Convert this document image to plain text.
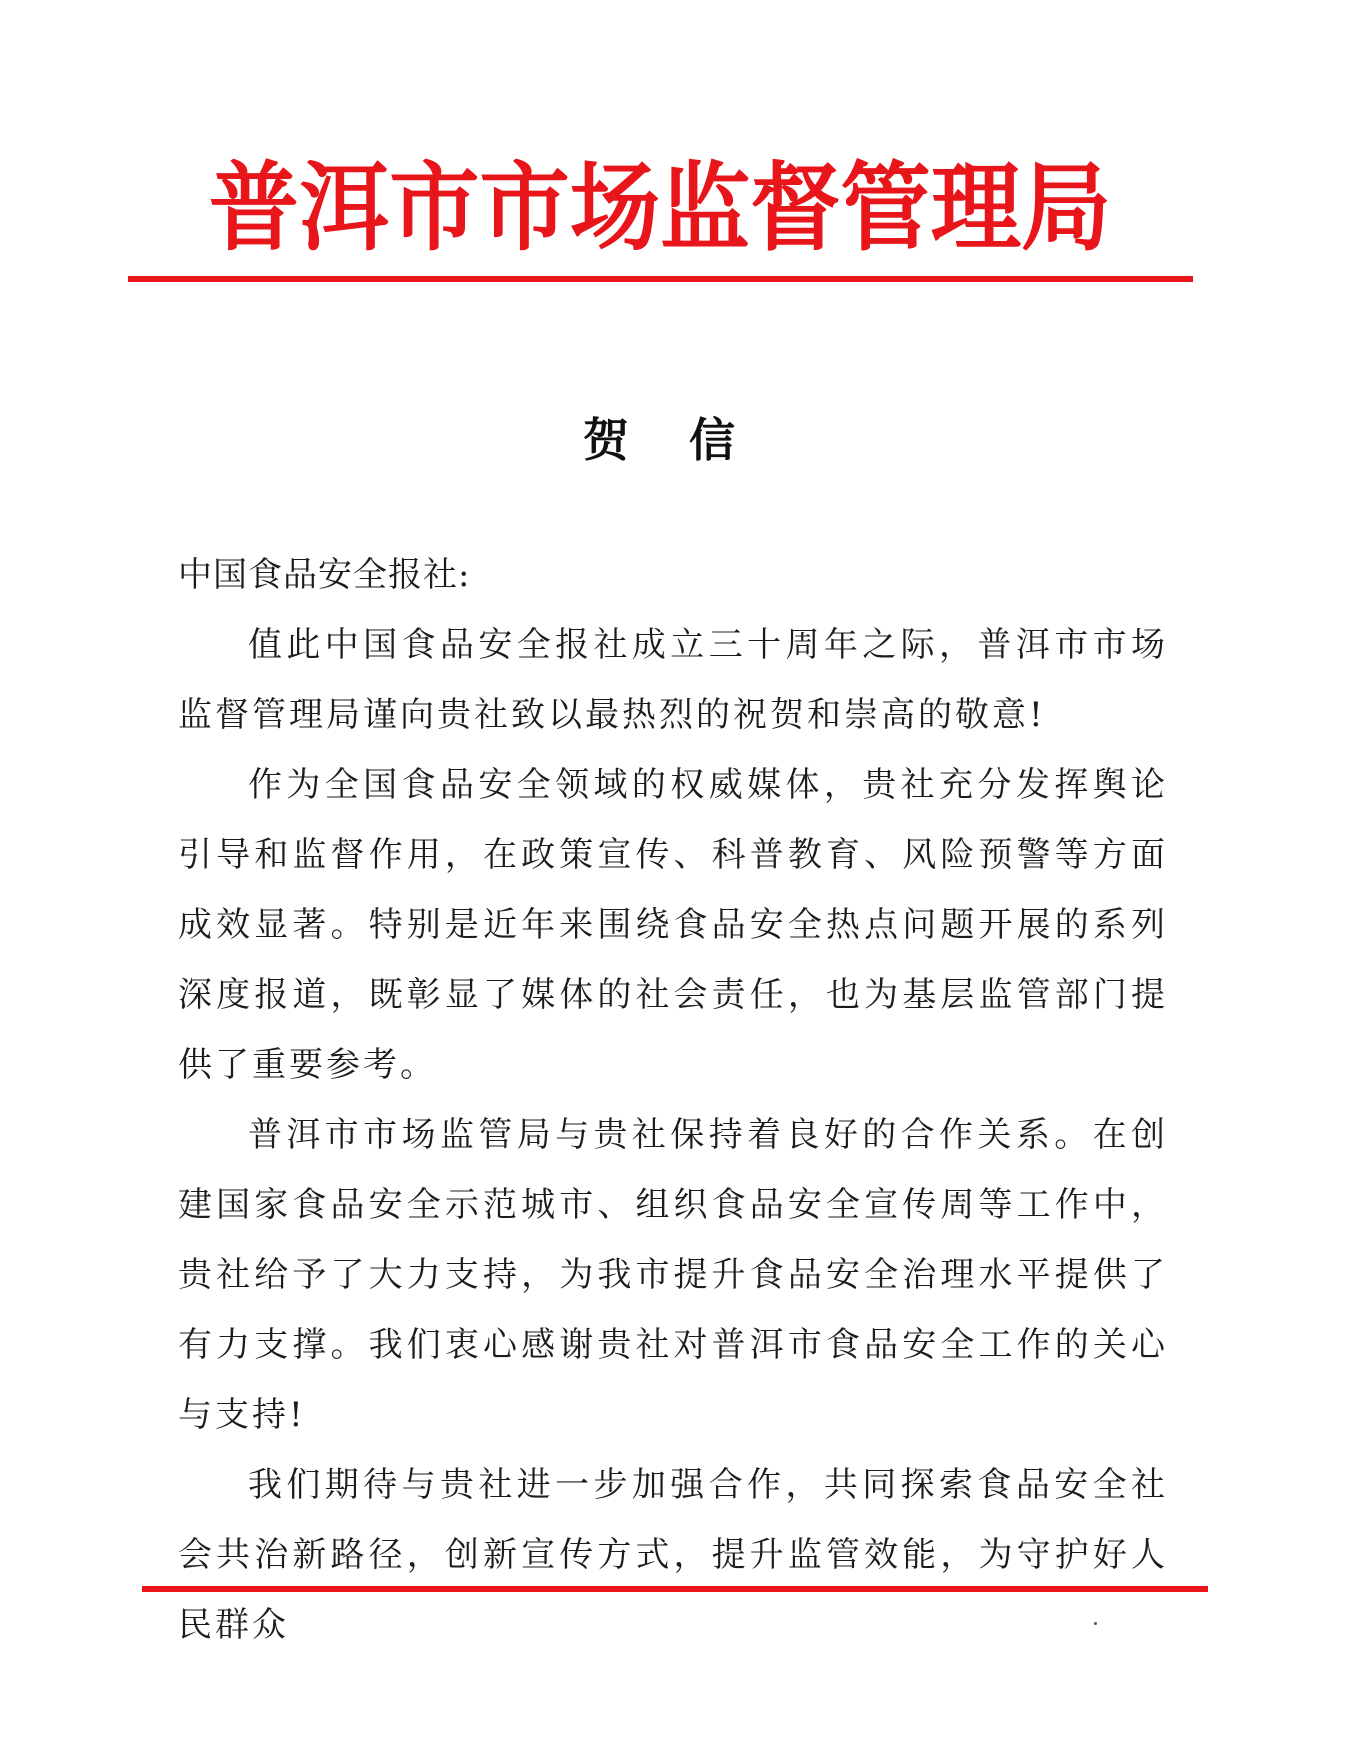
普洱市市场监督管理局
贺 信

中国食品安全报社:

值此中国食品安全报社成立三十周年之际，普洱市市场监督管理局谨向贵社致以最热烈的祝贺和崇高的敬意!

作为全国食品安全领域的权威媒体，贵社充分发挥舆论引导和监督作用，在政策宣传、科普教育、风险预警等方面成效显著。特别是近年来围绕食品安全热点问题开展的系列深度报道，既彰显了媒体的社会责任，也为基层监管部门提供了重要参考。

普洱市市场监管局与贵社保持着良好的合作关系。在创建国家食品安全示范城市、组织食品安全宣传周等工作中，贵社给予了大力支持，为我市提升食品安全治理水平提供了有力支撑。我们衷心感谢贵社对普洱市食品安全工作的关心与支持!

我们期待与贵社进一步加强合作，共同探索食品安全社会共治新路径，创新宣传方式，提升监管效能，为守护好人民群众
